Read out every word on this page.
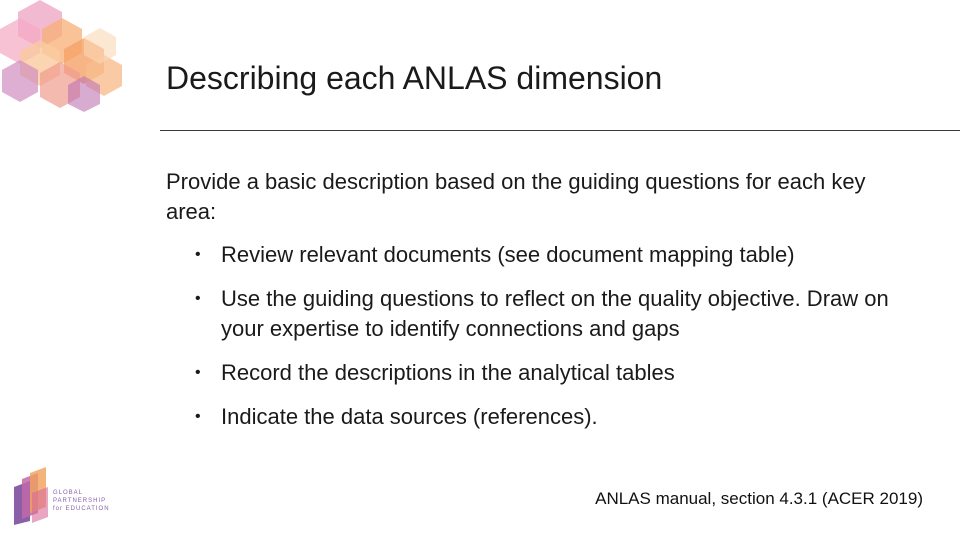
Describing each ANLAS dimension

Provide a basic description based on the guiding questions for each key area:

• Review relevant documents (see document mapping table)
• Use the guiding questions to reflect on the quality objective. Draw on your expertise to identify connections and gaps
• Record the descriptions in the analytical tables
• Indicate the data sources (references).
GLOBAL
PARTNERSHIP
for EDUCATION
ANLAS manual, section 4.3.1 (ACER 2019)
